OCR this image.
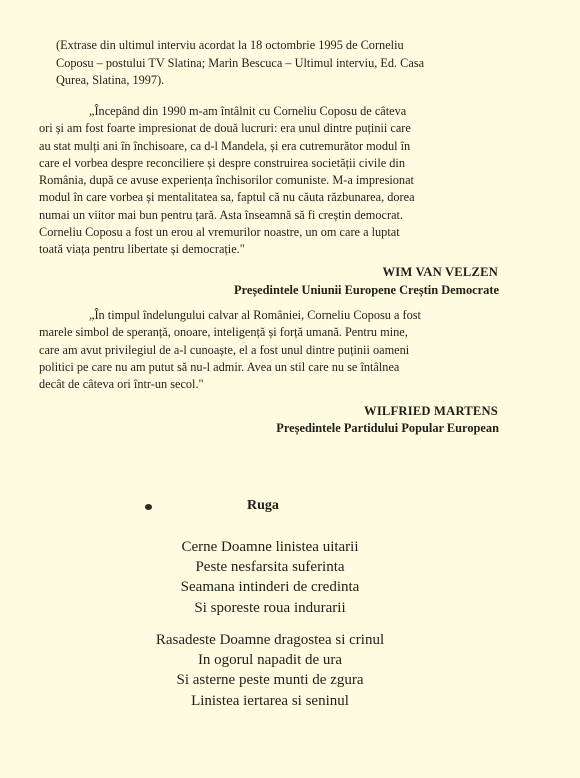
(Extrase din ultimul interviu acordat la 18 octombrie 1995 de Corneliu

Coposu – postului TV Slatina; Marin Bescuca – Ultimul interviu, Ed. Casa

Qurea, Slatina, 1997).

„Începând din 1990 m-am întâlnit cu Corneliu Coposu de câteva

ori și am fost foarte impresionat de două lucruri: era unul dintre puținii care

au stat mulți ani în închisoare, ca d-l Mandela, și era cutremurător modul în

care el vorbea despre reconciliere și despre construirea societății civile din

România, după ce avuse experiența închisorilor comuniste. M-a impresionat

modul în care vorbea și mentalitatea sa, faptul că nu căuta răzbunarea, dorea

numai un viitor mai bun pentru țară. Asta înseamnă să fi creștin democrat.

Corneliu Coposu a fost un erou al vremurilor noastre, un om care a luptat

toată viața pentru libertate și democrație."

WIM VAN VELZEN
Președintele Uniunii Europene Creștin Democrate

„În timpul îndelungului calvar al României, Corneliu Coposu a fost

marele simbol de speranță, onoare, inteligență și forță umană. Pentru mine,

care am avut privilegiul de a-l cunoaște, el a fost unul dintre puținii oameni

politici pe care nu am putut să nu-l admir. Avea un stil care nu se întâlnea

decât de câteva ori într-un secol."

WILFRIED MARTENS
Președintele Partidului Popular European
Ruga

Cerne Doamne linistea uitarii

Peste nesfarsita suferinta

Seamana intinderi de credinta

Si sporeste roua indurarii

Rasadeste Doamne dragostea si crinul

In ogorul napadit de ura

Si asterne peste munti de zgura

Linistea iertarea si seninul
